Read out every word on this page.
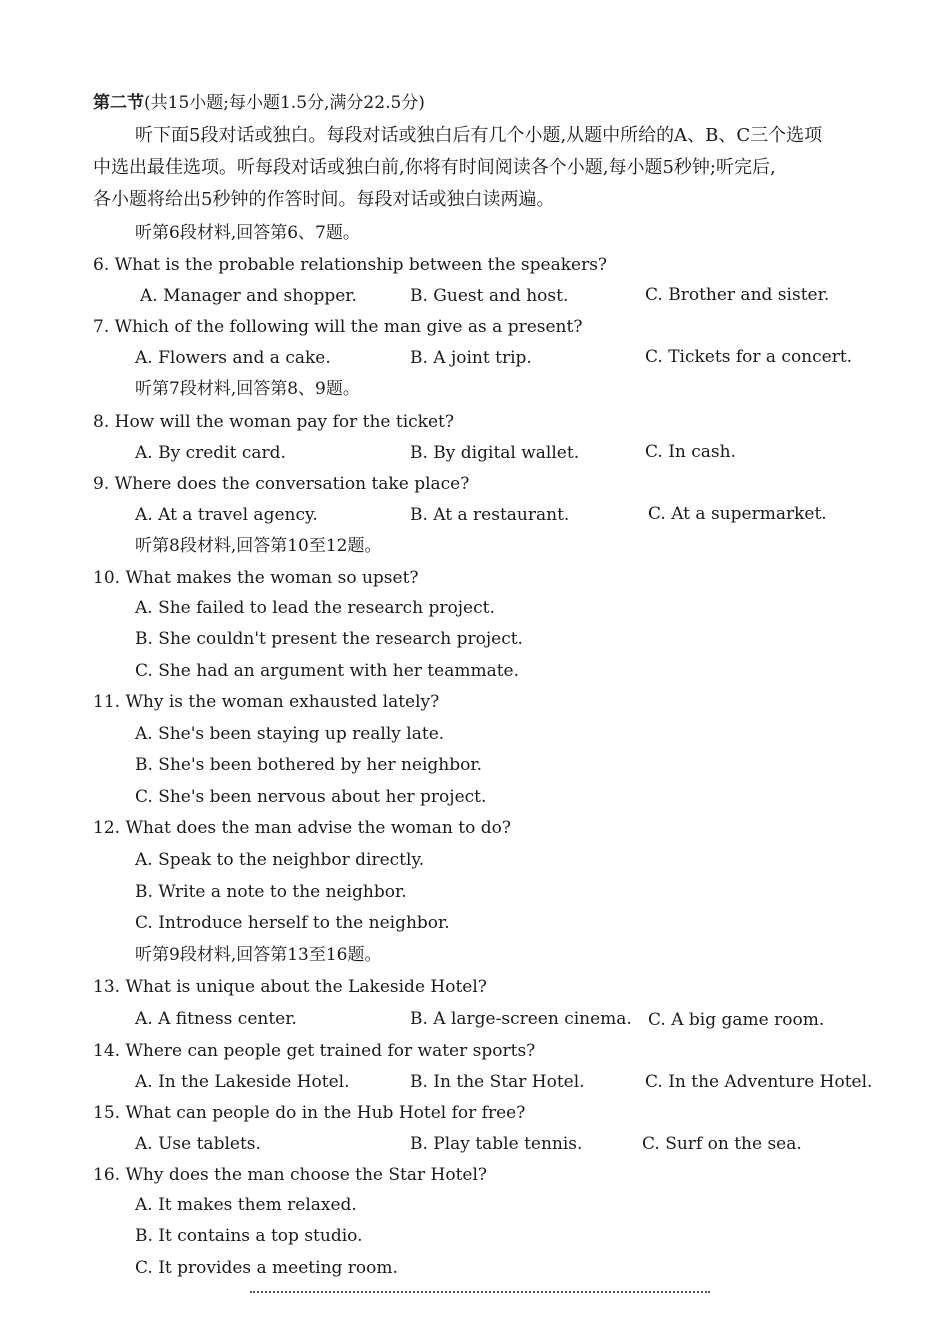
第二节(共15小题;每小题1.5分,满分22.5分)
听下面5段对话或独白。每段对话或独白后有几个小题,从题中所给的A、B、C三个选项
中选出最佳选项。听每段对话或独白前,你将有时间阅读各个小题,每小题5秒钟;听完后,
各小题将给出5秒钟的作答时间。每段对话或独白读两遍。
听第6段材料,回答第6、7题。
6. What is the probable relationship between the speakers?
A. Manager and shopper.	B. Guest and host.	C. Brother and sister.
7. Which of the following will the man give as a present?
A. Flowers and a cake.	B. A joint trip.	C. Tickets for a concert.
听第7段材料,回答第8、9题。
8. How will the woman pay for the ticket?
A. By credit card.	B. By digital wallet.	C. In cash.
9. Where does the conversation take place?
A. At a travel agency.	B. At a restaurant.	C. At a supermarket.
听第8段材料,回答第10至12题。
10. What makes the woman so upset?
A. She failed to lead the research project.
B. She couldn't present the research project.
C. She had an argument with her teammate.
11. Why is the woman exhausted lately?
A. She's been staying up really late.
B. She's been bothered by her neighbor.
C. She's been nervous about her project.
12. What does the man advise the woman to do?
A. Speak to the neighbor directly.
B. Write a note to the neighbor.
C. Introduce herself to the neighbor.
听第9段材料,回答第13至16题。
13. What is unique about the Lakeside Hotel?
A. A fitness center.	B. A large-screen cinema. C. A big game room.
14. Where can people get trained for water sports?
A. In the Lakeside Hotel.	B. In the Star Hotel.	C. In the Adventure Hotel.
15. What can people do in the Hub Hotel for free?
A. Use tablets.	B. Play table tennis.	C. Surf on the sea.
16. Why does the man choose the Star Hotel?
A. It makes them relaxed.
B. It contains a top studio.
C. It provides a meeting room.
